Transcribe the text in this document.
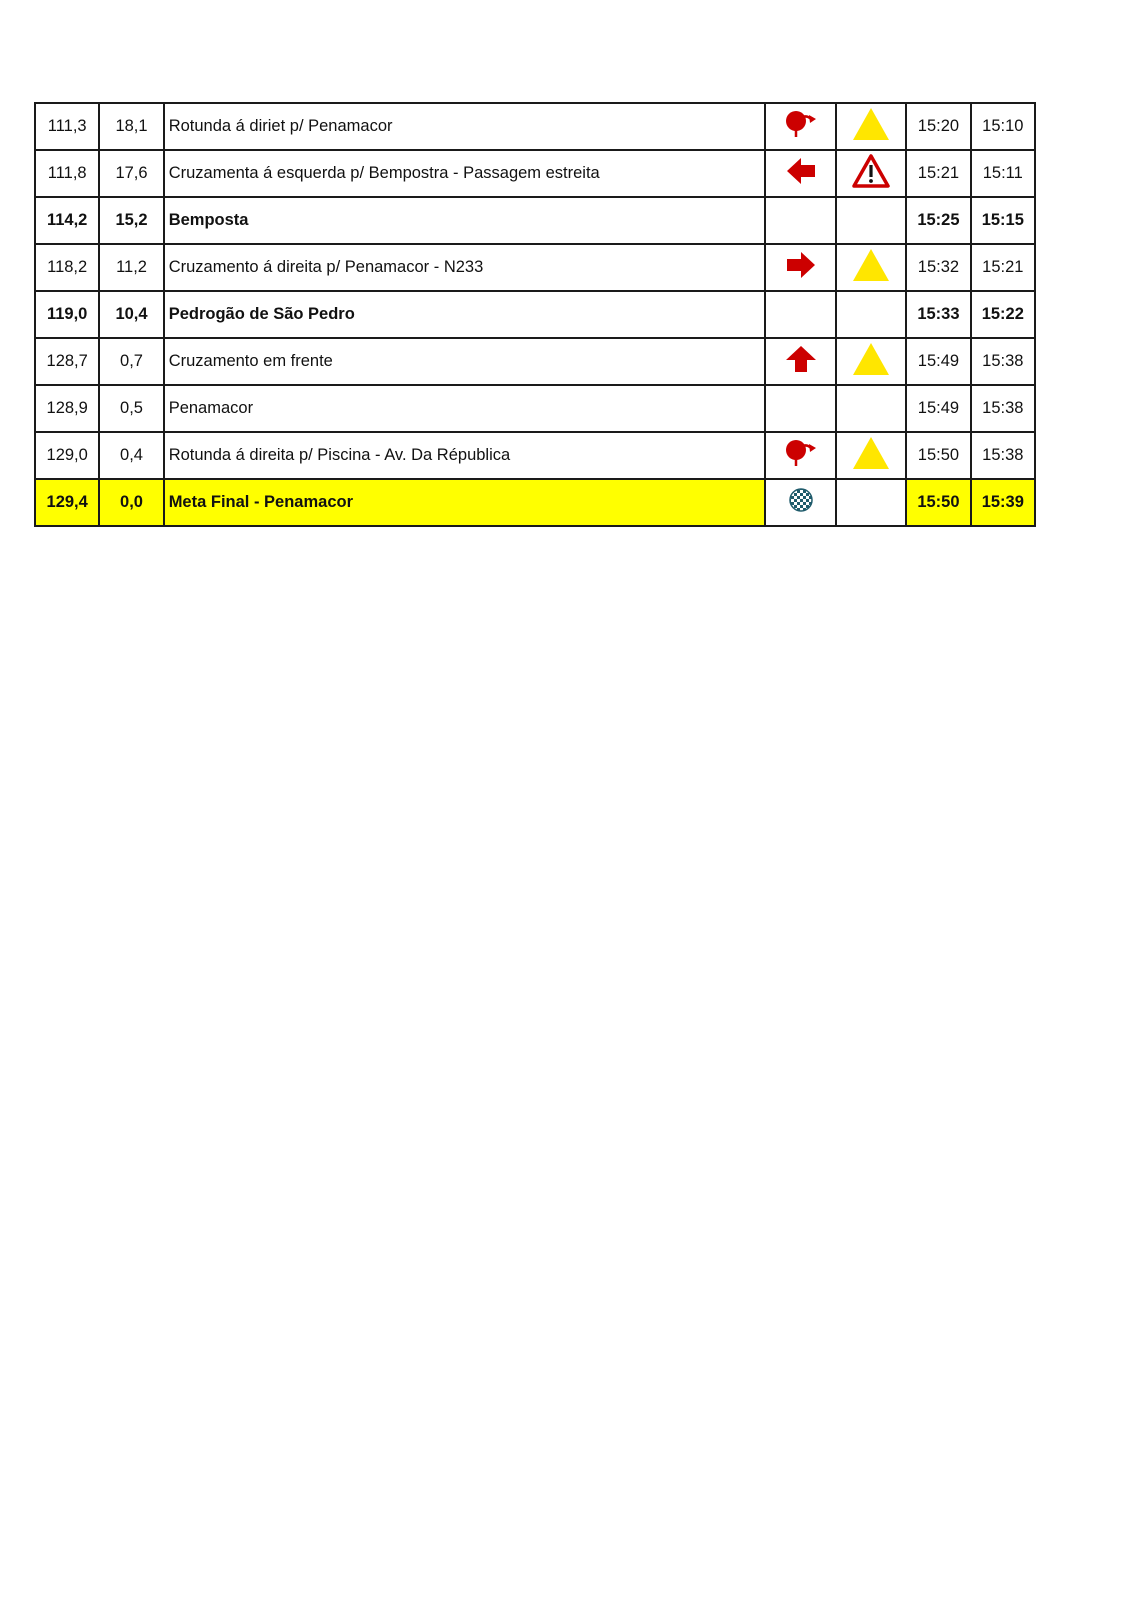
111,3	18,1	Rotunda á diriet p/ Penamacor			15:20	15:10
111,8	17,6	Cruzamenta á esquerda p/ Bempostra - Passagem estreita			15:21	15:11
114,2	15,2	Bemposta			15:25	15:15
118,2	11,2	Cruzamento á direita p/ Penamacor - N233			15:32	15:21
119,0	10,4	Pedrogão de São Pedro			15:33	15:22
128,7	0,7	Cruzamento em frente			15:49	15:38
128,9	0,5	Penamacor			15:49	15:38
129,0	0,4	Rotunda á direita p/ Piscina - Av. Da Républica			15:50	15:38
129,4	0,0	Meta Final - Penamacor			15:50	15:39
